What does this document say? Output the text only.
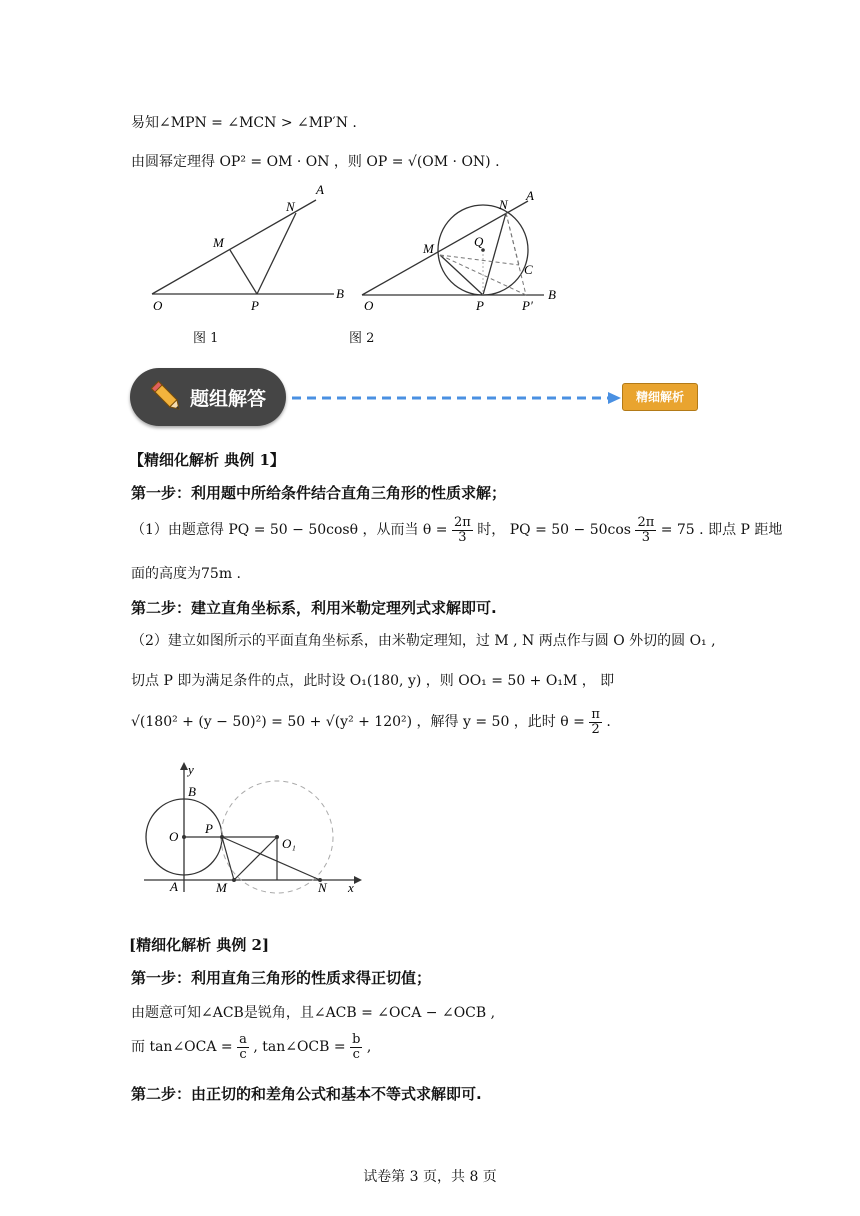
易知∠MPN = ∠MCN > ∠MP′N .
由圆幂定理得 OP² = OM · ON ，则 OP = √(OM · ON) .
A
N
M
O	P
B
图 1
A
N
M	Q
C
O	P	P′
B
图 2
题组解答	精细解析
【精细化解析 典例 1】
第一步：利用题中所给条件结合直角三角形的性质求解；
（1）由题意得 PQ = 50 − 50cosθ ，从而当 $\theta = \frac{2\pi}{3}$ 时， PQ = $50 - 50\cos \frac{2\pi}{3} = 75$ . 即点 P 距地
面的高度为75m .
第二步：建立直角坐标系，利用米勒定理列式求解即可.
（2）建立如图所示的平面直角坐标系，由米勒定理知，过 M , N 两点作与圆 O 外切的圆 O₁ ,
切点 P 即为满足条件的点，此时设 O₁(180, y) ，则 OO₁ = 50 + O₁M ， 即
√(180² + (y − 50)²) = 50 + √(y² + 120²) ，解得 y = 50 ，此时 $\theta = \frac{\pi}{2}$ .
y
B
O
P
O₁
A	M	N x
[精细化解析 典例 2]
第一步：利用直角三角形的性质求得正切值；
由题意可知∠ACB是锐角，且∠ACB = ∠OCA − ∠OCB ,
而 tan∠OCA = $\frac{a}{c}$ , tan∠OCB = $\frac{b}{c}$ ,
第二步：由正切的和差角公式和基本不等式求解即可.
试卷第 3 页，共 8 页
